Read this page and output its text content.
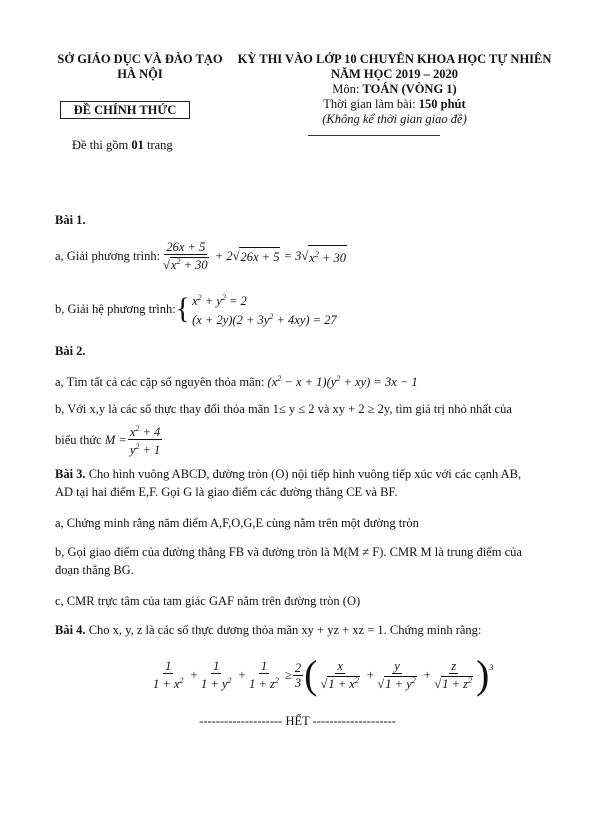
SỞ GIÁO DỤC VÀ ĐÀO TẠO
HÀ NỘI
ĐỀ CHÍNH THỨC
Đề thi gồm 01 trang
KỲ THI VÀO LỚP 10 CHUYÊN KHOA HỌC TỰ NHIÊN
NĂM HỌC 2019 – 2020
Môn: TOÁN (VÒNG 1)
Thời gian làm bài: 150 phút
(Không kể thời gian giao đề)
Bài 1.
a, Giải phương trình: $\frac{26x + 5}{√x^2 + 30} + 2√$ 26x + 5 = 3√ $x^2 + 30$
b, Giải hệ phương trình: { $x^2 + y^2 = 2$
$(x + 2y)(2 + 3y^2 + 4xy) = 27$
Bài 2.
a, Tìm tất cả các cặp số nguyên thỏa mãn: $(x^2 - x + 1)(y^2 + xy) = 3x - 1$
b, Với x,y là các số thực thay đổi thỏa mãn 1≤ y ≤ 2 và xy + 2 ≥ 2y, tìm giá trị nhỏ nhất của
biểu thức $M = \frac{x^2 + 4}{y^2 + 1}$
Bài 3. Cho hình vuông ABCD, đường tròn (O) nội tiếp hình vuông tiếp xúc với các cạnh AB, AD tại hai điểm E,F. Gọi G là giao điểm các đường thẳng CE và BF.
a, Chứng minh rằng năm điểm A,F,O,G,E cùng nằm trên một đường tròn
b, Gọi giao điểm của đường thẳng FB và đường tròn là M(M ≠ F). CMR M là trung điểm của đoạn thẳng BG.
c, CMR trực tâm của tam giác GAF nằm trên đường tròn (O)
Bài 4. Cho x, y, z là các số thực dương thỏa mãn xy + yz + xz = 1. Chứng minh rằng:
$\frac{1}{1 + x^2} + \frac{1}{1 + y^2} + \frac{1}{1 + z^2} \ge \frac{2}{3}$ ( $\frac{x}{√1 + x^2} + \frac{y}{√1 + y^2} + \frac{z}{√1 + z^2} )^3$
-------------------- HẾT --------------------
